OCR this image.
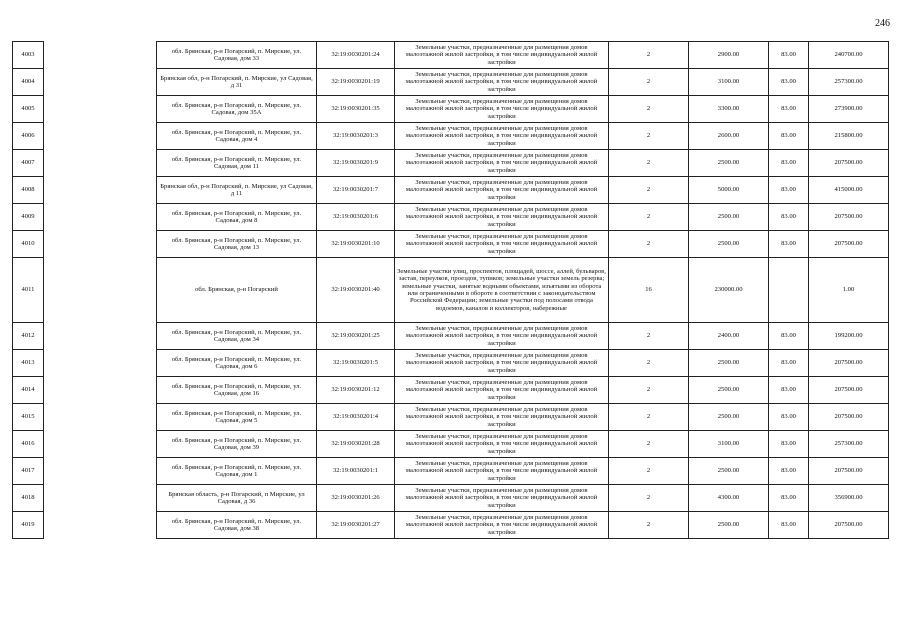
246
4003		обл. Брянская, р-н Погарский, п. Мирские, ул. Садовая, дом 33	32:19:0030201:24	Земельные участки, предназначенные для размещения домов малоэтажной жилой застройки, в том числе индивидуальной жилой застройки	2	2900.00	83.00	240700.00
4004		Брянская обл, р-н Погарский, п. Мирские, ул Садовая, д 31	32:19:0030201:19	Земельные участки, предназначенные для размещения домов малоэтажной жилой застройки, в том числе индивидуальной жилой застройки	2	3100.00	83.00	257300.00
4005		обл. Брянская, р-н Погарский, п. Мирские, ул. Садовая, дом 35А	32:19:0030201:35	Земельные участки, предназначенные для размещения домов малоэтажной жилой застройки, в том числе индивидуальной жилой застройки	2	3300.00	83.00	273900.00
4006		обл. Брянская, р-н Погарский, п. Мирские, ул. Садовая, дом 4	32:19:0030201:3	Земельные участки, предназначенные для размещения домов малоэтажной жилой застройки, в том числе индивидуальной жилой застройки	2	2600.00	83.00	215800.00
4007		обл. Брянская, р-н Погарский, п. Мирские, ул. Садовая, дом 11	32:19:0030201:9	Земельные участки, предназначенные для размещения домов малоэтажной жилой застройки, в том числе индивидуальной жилой застройки	2	2500.00	83.00	207500.00
4008		Брянская обл, р-н Погарский, п. Мирские, ул Садовая, д 11	32:19:0030201:7	Земельные участки, предназначенные для размещения домов малоэтажной жилой застройки, в том числе индивидуальной жилой застройки	2	5000.00	83.00	415000.00
4009		обл. Брянская, р-н Погарский, п. Мирские, ул. Садовая, дом 8	32:19:0030201:6	Земельные участки, предназначенные для размещения домов малоэтажной жилой застройки, в том числе индивидуальной жилой застройки	2	2500.00	83.00	207500.00
4010		обл. Брянская, р-н Погарский, п. Мирские, ул. Садовая, дом 13	32:19:0030201:10	Земельные участки, предназначенные для размещения домов малоэтажной жилой застройки, в том числе индивидуальной жилой застройки	2	2500.00	83.00	207500.00
4011		обл. Брянская, р-н Погарский	32:19:0030201:40	Земельные участки улиц, проспектов, площадей, шоссе, аллей, бульваров, застав, переулков, проездов, тупиков; земельные участки земель резерва; земельные участки, занятые водными объектами, изъятыми из оборота или ограниченными в обороте в соответствии с законодательством Российской Федерации; земельные участки под полосами отвода водоемов, каналов и коллекторов, набережные	16	230000.00		1.00
4012		обл. Брянская, р-н Погарский, п. Мирские, ул. Садовая, дом 34	32:19:0030201:25	Земельные участки, предназначенные для размещения домов малоэтажной жилой застройки, в том числе индивидуальной жилой застройки	2	2400.00	83.00	199200.00
4013		обл. Брянская, р-н Погарский, п. Мирские, ул. Садовая, дом 6	32:19:0030201:5	Земельные участки, предназначенные для размещения домов малоэтажной жилой застройки, в том числе индивидуальной жилой застройки	2	2500.00	83.00	207500.00
4014		обл. Брянская, р-н Погарский, п. Мирские, ул. Садовая, дом 16	32:19:0030201:12	Земельные участки, предназначенные для размещения домов малоэтажной жилой застройки, в том числе индивидуальной жилой застройки	2	2500.00	83.00	207500.00
4015		обл. Брянская, р-н Погарский, п. Мирские, ул. Садовая, дом 5	32:19:0030201:4	Земельные участки, предназначенные для размещения домов малоэтажной жилой застройки, в том числе индивидуальной жилой застройки	2	2500.00	83.00	207500.00
4016		обл. Брянская, р-н Погарский, п. Мирские, ул. Садовая, дом 39	32:19:0030201:28	Земельные участки, предназначенные для размещения домов малоэтажной жилой застройки, в том числе индивидуальной жилой застройки	2	3100.00	83.00	257300.00
4017		обл. Брянская, р-н Погарский, п. Мирские, ул. Садовая, дом 1	32:19:0030201:1	Земельные участки, предназначенные для размещения домов малоэтажной жилой застройки, в том числе индивидуальной жилой застройки	2	2500.00	83.00	207500.00
4018		Брянская область, р-н Погарский, п Мирские, ул Садовая, д 36	32:19:0030201:26	Земельные участки, предназначенные для размещения домов малоэтажной жилой застройки, в том числе индивидуальной жилой застройки	2	4300.00	83.00	356900.00
4019		обл. Брянская, р-н Погарский, п. Мирские, ул. Садовая, дом 38	32:19:0030201:27	Земельные участки, предназначенные для размещения домов малоэтажной жилой застройки, в том числе индивидуальной жилой застройки	2	2500.00	83.00	207500.00
